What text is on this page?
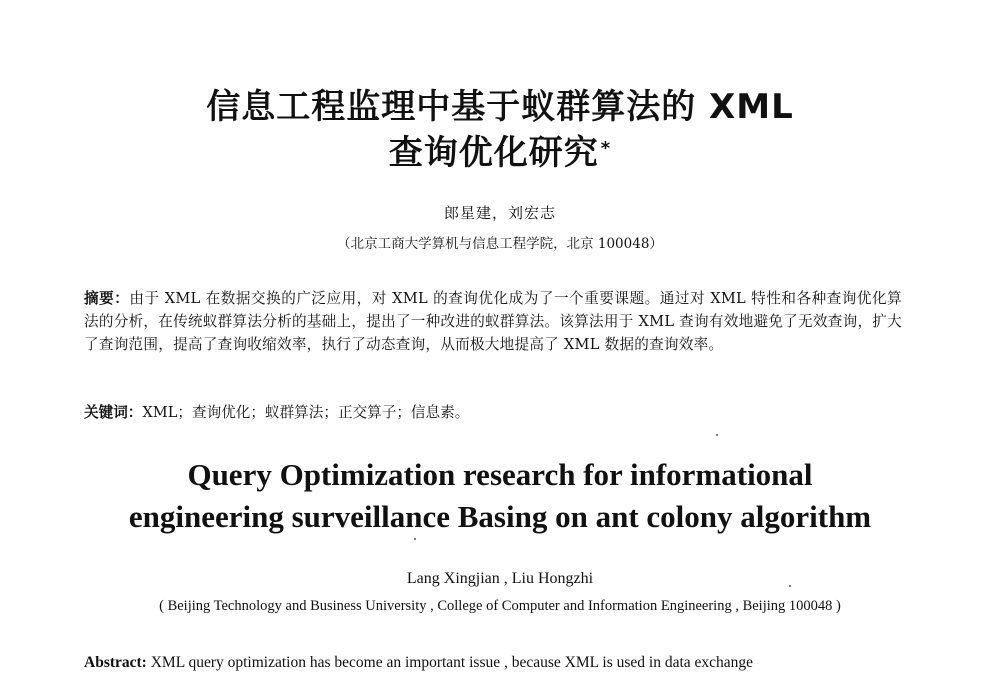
信息工程监理中基于蚁群算法的 XML
查询优化研究 *
郎星建，刘宏志
（北京工商大学算机与信息工程学院，北京 100048）
摘要：由于 XML 在数据交换的广泛应用，对 XML 的查询优化成为了一个重要课题。通过对 XML 特性和各种查询优化算法的分析，在传统蚁群算法分析的基础上，提出了一种改进的蚁群算法。该算法用于 XML 查询有效地避免了无效查询，扩大了查询范围，提高了查询收缩效率，执行了动态查询，从而极大地提高了 XML 数据的查询效率。
关键词：XML；查询优化；蚁群算法；正交算子；信息素。
Query Optimization research for informational
engineering surveillance Basing on ant colony algorithm
Lang Xingjian , Liu Hongzhi
( Beijing Technology and Business University , College of Computer and Information Engineering , Beijing 100048 )
Abstract: XML query optimization has become an important issue , because XML is used in data exchange
